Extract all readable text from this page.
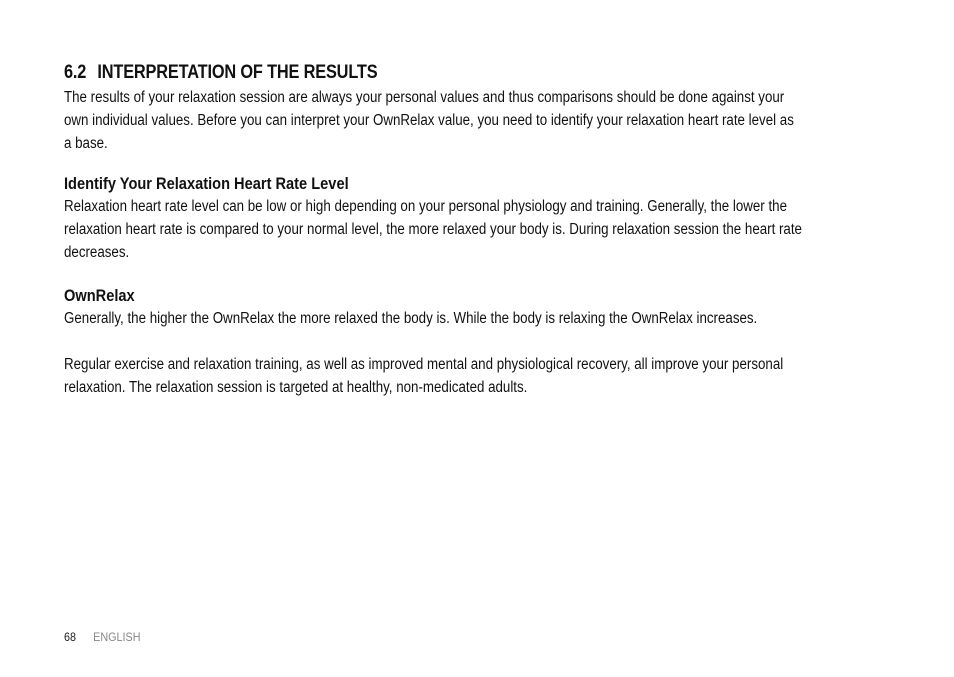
6.2 INTERPRETATION OF THE RESULTS
The results of your relaxation session are always your personal values and thus comparisons should be done against your
own individual values. Before you can interpret your OwnRelax value, you need to identify your relaxation heart rate level as
a base.
Identify Your Relaxation Heart Rate Level
Relaxation heart rate level can be low or high depending on your personal physiology and training. Generally, the lower the
relaxation heart rate is compared to your normal level, the more relaxed your body is. During relaxation session the heart rate
decreases.
OwnRelax
Generally, the higher the OwnRelax the more relaxed the body is. While the body is relaxing the OwnRelax increases.
Regular exercise and relaxation training, as well as improved mental and physiological recovery, all improve your personal
relaxation. The relaxation session is targeted at healthy, non-medicated adults.
68 ENGLISH
